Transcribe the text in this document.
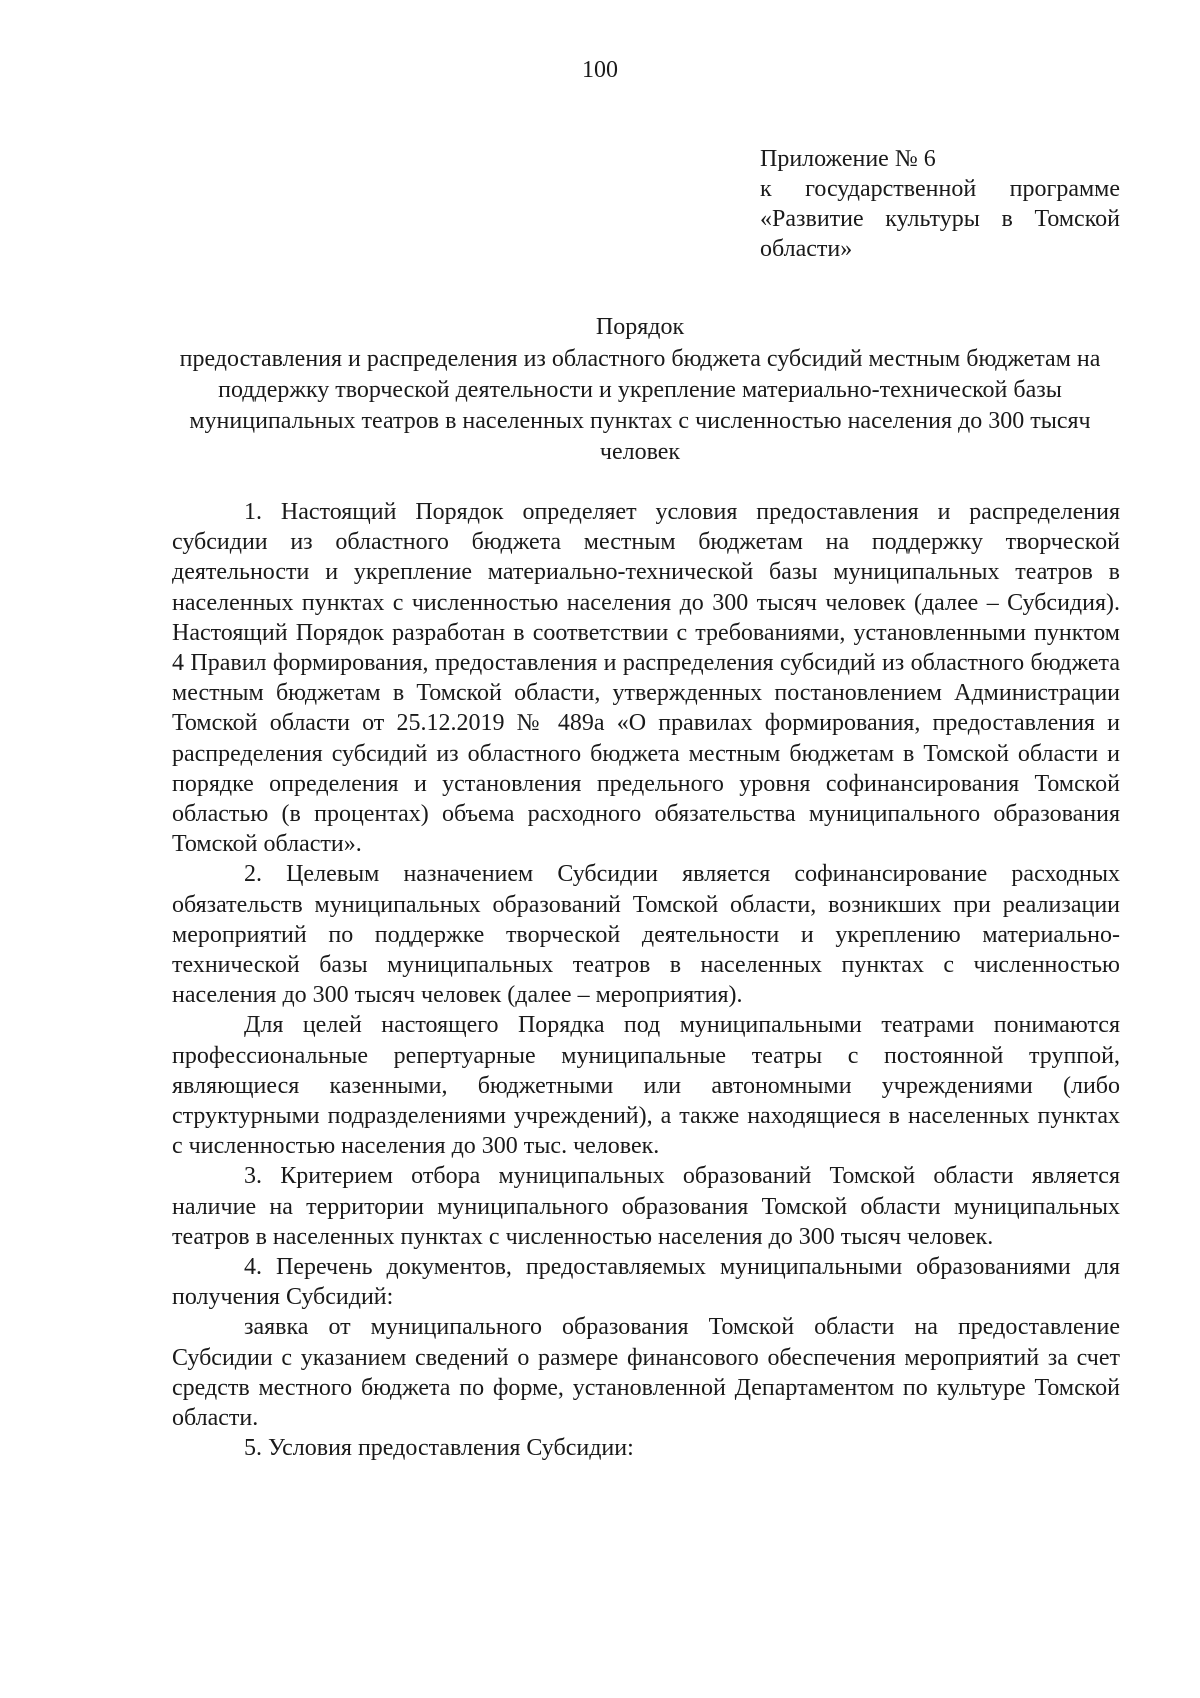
100
Приложение № 6
к государственной программе
«Развитие культуры в Томской
области»
Порядок
предоставления и распределения из областного бюджета субсидий местным бюджетам на поддержку творческой деятельности и укрепление материально-технической базы муниципальных театров в населенных пунктах с численностью населения до 300 тысяч человек

1. Настоящий Порядок определяет условия предоставления и распределения субсидии из областного бюджета местным бюджетам на поддержку творческой деятельности и укрепление материально-технической базы муниципальных театров в населенных пунктах с численностью населения до 300 тысяч человек (далее – Субсидия). Настоящий Порядок разработан в соответствии с требованиями, установленными пунктом 4 Правил формирования, предоставления и распределения субсидий из областного бюджета местным бюджетам в Томской области, утвержденных постановлением Администрации Томской области от 25.12.2019 № 489а «О правилах формирования, предоставления и распределения субсидий из областного бюджета местным бюджетам в Томской области и порядке определения и установления предельного уровня софинансирования Томской областью (в процентах) объема расходного обязательства муниципального образования Томской области».

2. Целевым назначением Субсидии является софинансирование расходных обязательств муниципальных образований Томской области, возникших при реализации мероприятий по поддержке творческой деятельности и укреплению материально-технической базы муниципальных театров в населенных пунктах с численностью населения до 300 тысяч человек (далее – мероприятия).

Для целей настоящего Порядка под муниципальными театрами понимаются профессиональные репертуарные муниципальные театры с постоянной труппой, являющиеся казенными, бюджетными или автономными учреждениями (либо структурными подразделениями учреждений), а также находящиеся в населенных пунктах с численностью населения до 300 тыс. человек.

3. Критерием отбора муниципальных образований Томской области является наличие на территории муниципального образования Томской области муниципальных театров в населенных пунктах с численностью населения до 300 тысяч человек.

4. Перечень документов, предоставляемых муниципальными образованиями для получения Субсидий:

заявка от муниципального образования Томской области на предоставление Субсидии с указанием сведений о размере финансового обеспечения мероприятий за счет средств местного бюджета по форме, установленной Департаментом по культуре Томской области.

5. Условия предоставления Субсидии:
